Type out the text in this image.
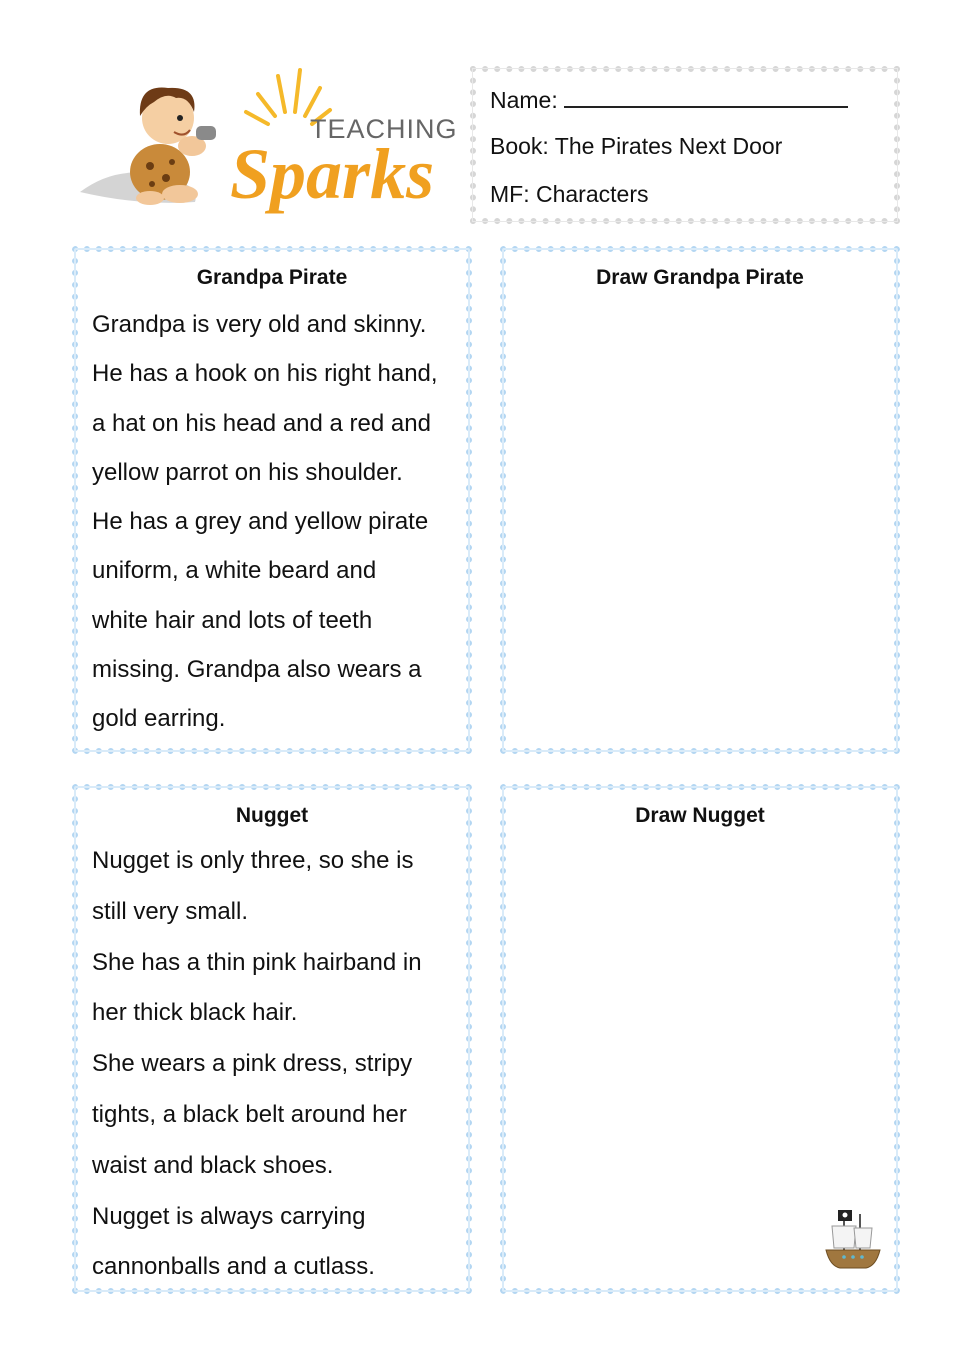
TEACHING
Sparks
Name:
Book: The Pirates Next Door
MF: Characters
Grandpa Pirate
Grandpa is very old and skinny.
He has a hook on his right hand,
a hat on his head and a red and
yellow parrot on his shoulder.
He has a grey and yellow pirate
uniform, a white beard and
white hair and lots of teeth
missing. Grandpa also wears a
gold earring.
Draw Grandpa Pirate
Nugget
Nugget is only three, so she is
still very small.
She has a thin pink hairband in
her thick black hair.
She wears a pink dress, stripy
tights, a black belt around her
waist and black shoes.
Nugget is always carrying
cannonballs and a cutlass.
Draw Nugget
